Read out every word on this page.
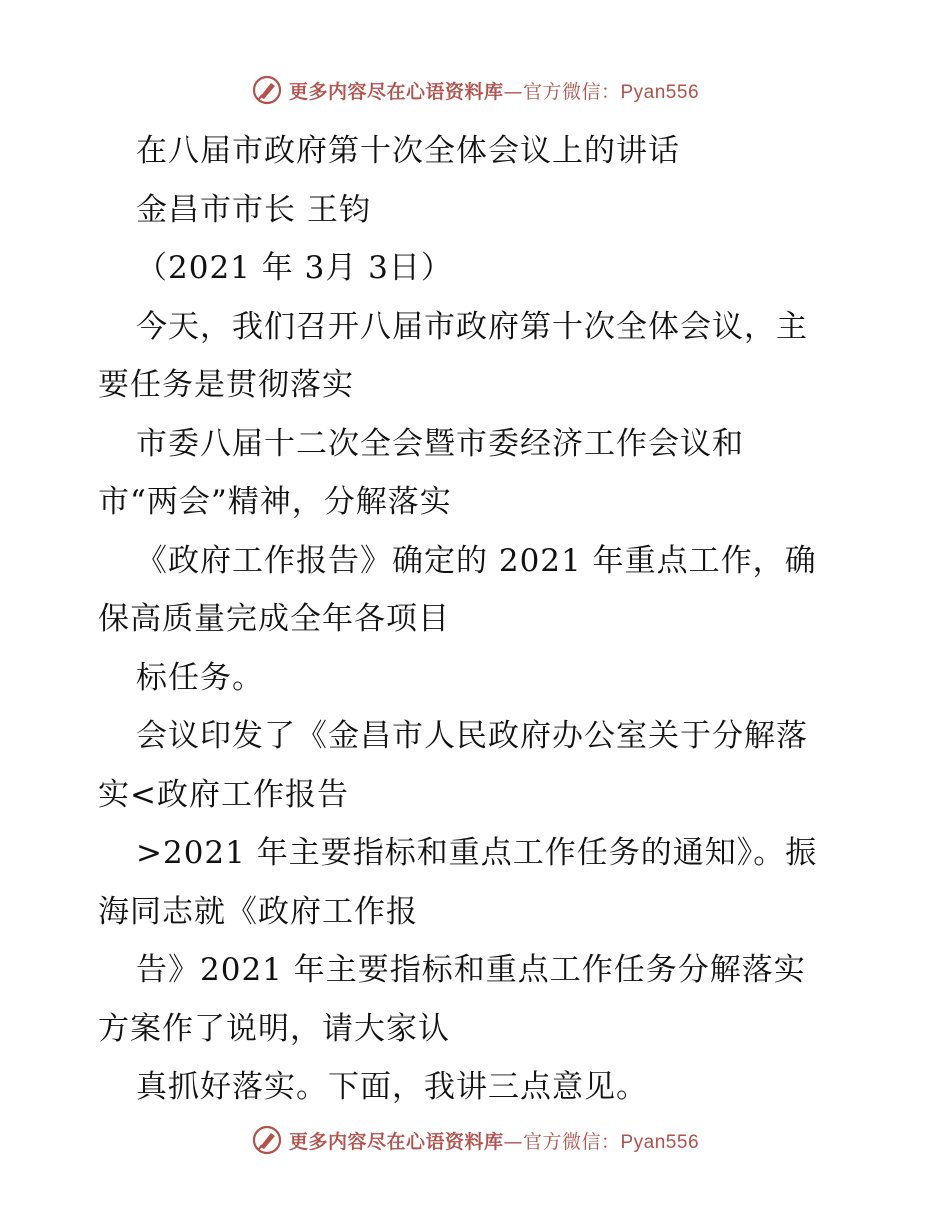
更多内容尽在心语资料库—官方微信：Pyan556
在八届市政府第十次全体会议上的讲话
金昌市市长 王钧
（2021 年 3月 3日）
今天，我们召开八届市政府第十次全体会议，主
要任务是贯彻落实
市委八届十二次全会暨市委经济工作会议和
市“两会”精神，分解落实
《政府工作报告》确定的 2021 年重点工作，确
保高质量完成全年各项目
标任务。
会议印发了《金昌市人民政府办公室关于分解落
实<政府工作报告
>2021 年主要指标和重点工作任务的通知》。振
海同志就《政府工作报
告》2021 年主要指标和重点工作任务分解落实
方案作了说明，请大家认
真抓好落实。下面，我讲三点意见。
更多内容尽在心语资料库—官方微信：Pyan556
